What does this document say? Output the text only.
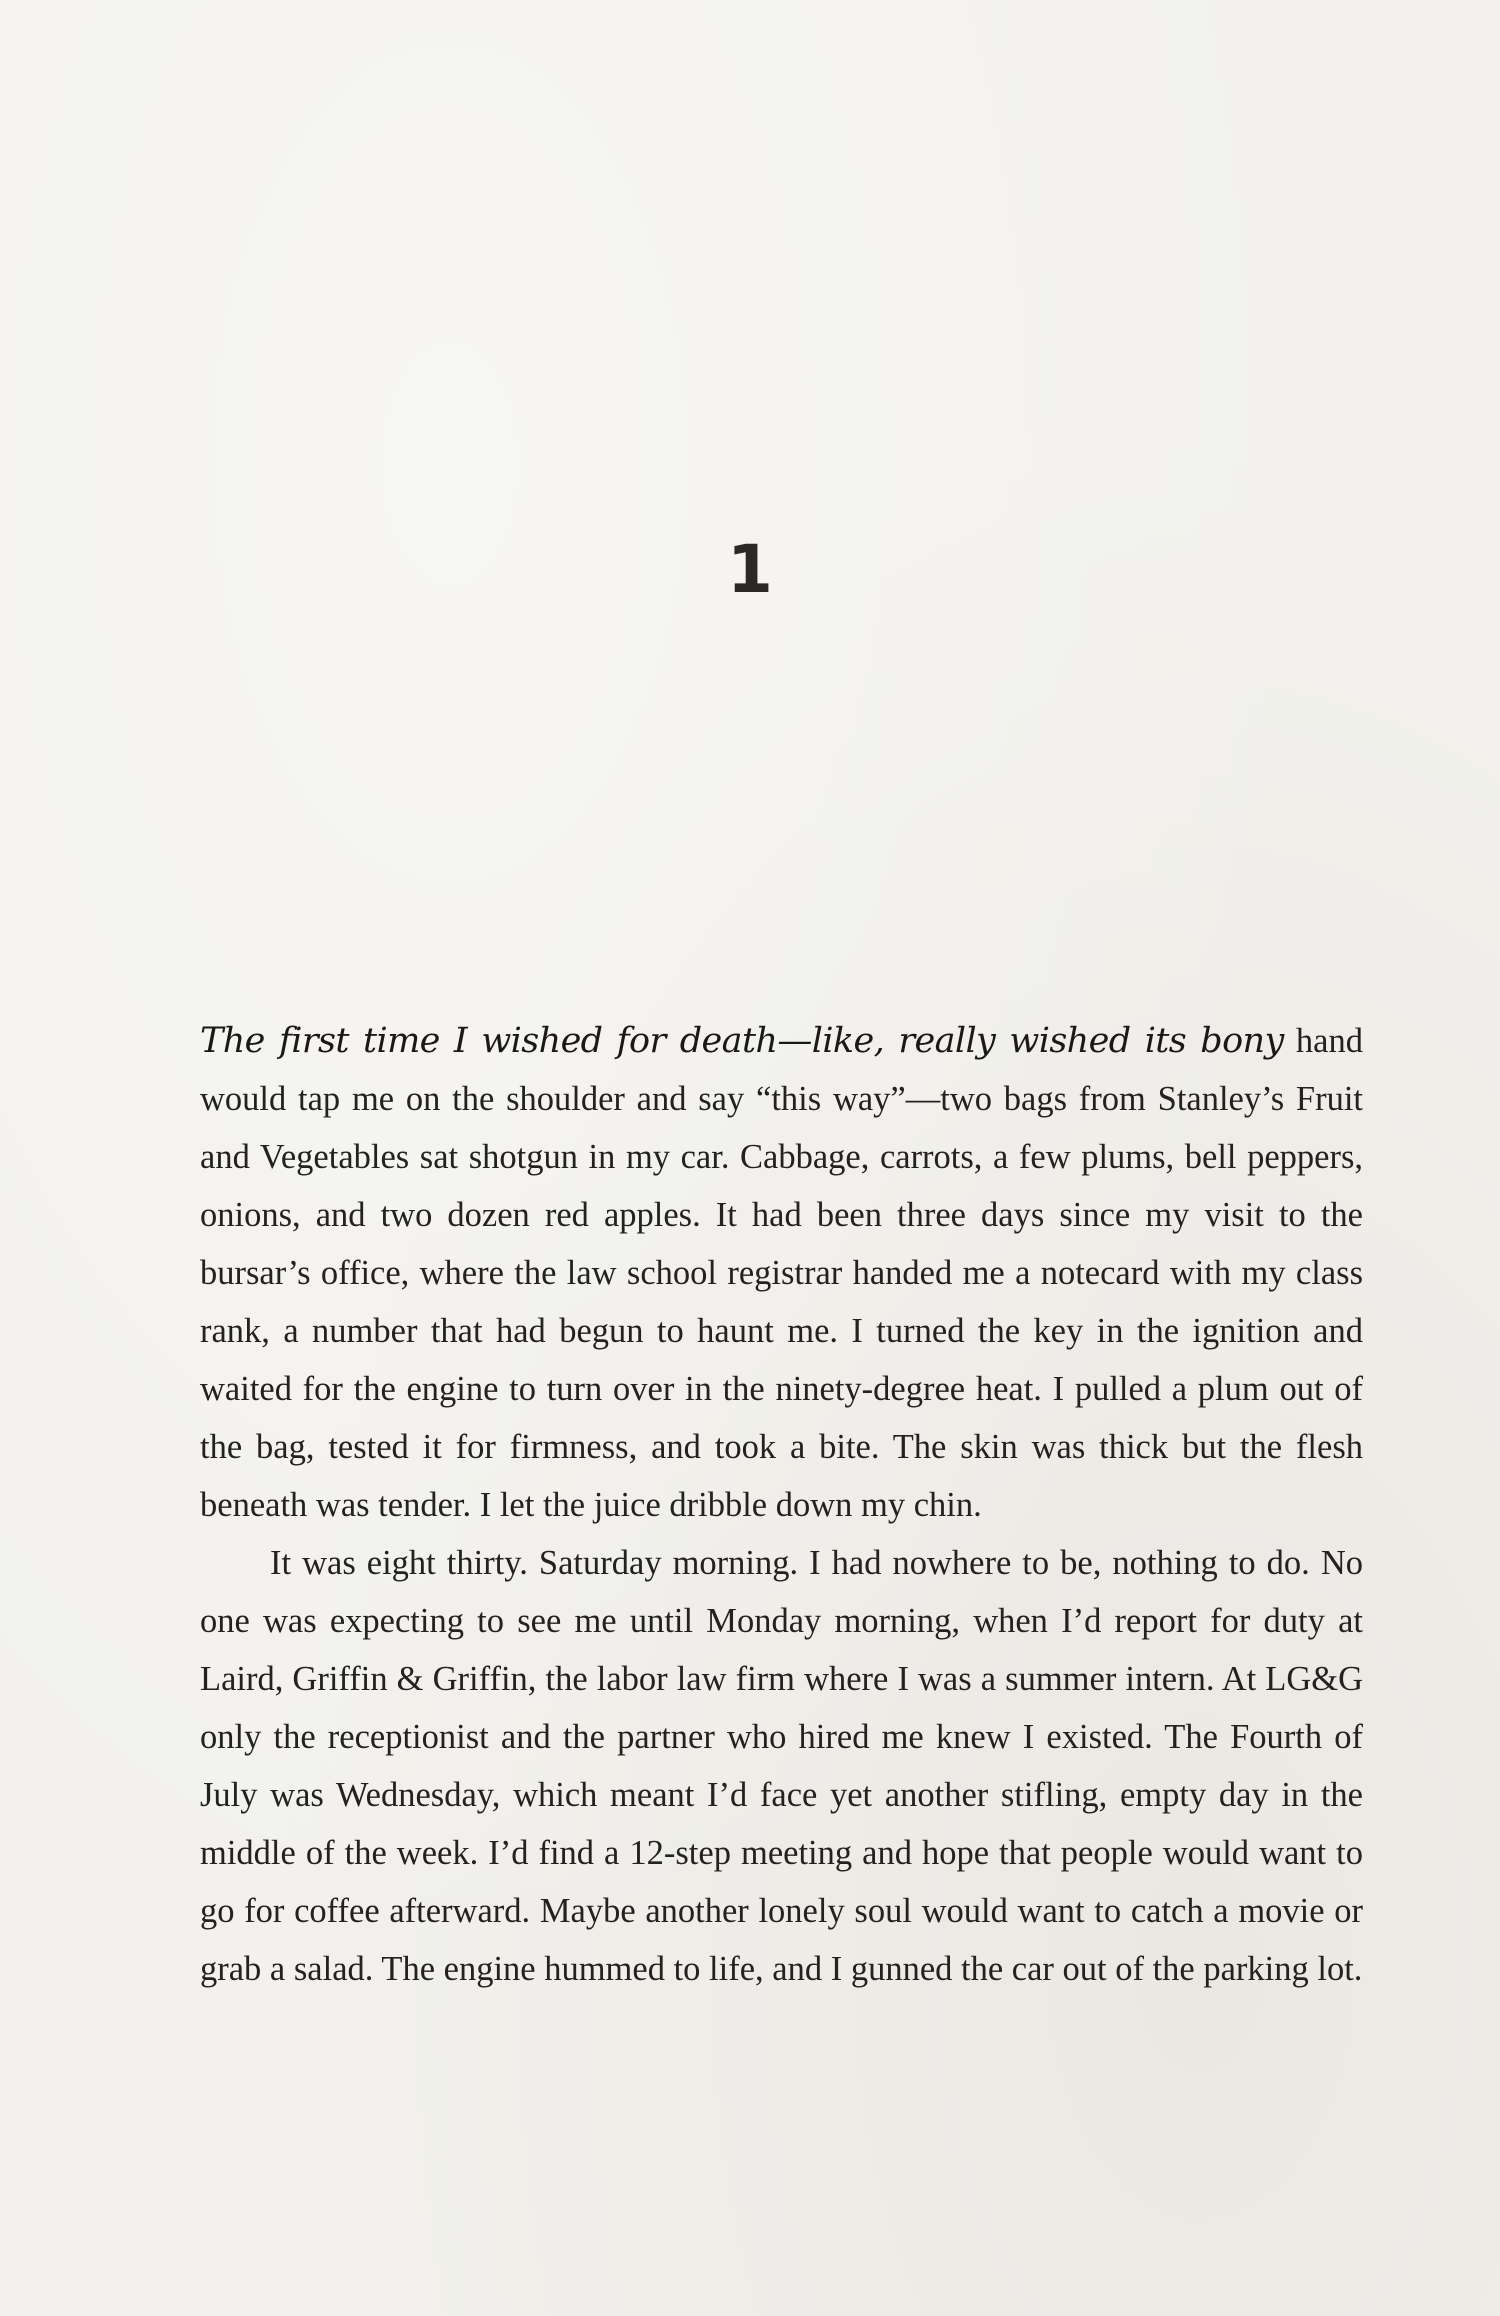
1

The first time I wished for death—like, really wished its bony hand would tap me on the shoulder and say “this way”—two bags from Stanley’s Fruit and Vegetables sat shotgun in my car. Cabbage, carrots, a few plums, bell peppers, onions, and two dozen red apples. It had been three days since my visit to the bursar’s office, where the law school registrar handed me a notecard with my class rank, a number that had begun to haunt me. I turned the key in the ignition and waited for the engine to turn over in the ninety-degree heat. I pulled a plum out of the bag, tested it for firmness, and took a bite. The skin was thick but the flesh beneath was tender. I let the juice dribble down my chin.

It was eight thirty. Saturday morning. I had nowhere to be, nothing to do. No one was expecting to see me until Monday morning, when I’d report for duty at Laird, Griffin & Griffin, the labor law firm where I was a summer intern. At LG&G only the receptionist and the partner who hired me knew I existed. The Fourth of July was Wednesday, which meant I’d face yet another stifling, empty day in the middle of the week. I’d find a 12-step meeting and hope that people would want to go for coffee afterward. Maybe another lonely soul would want to catch a movie or grab a salad. The engine hummed to life, and I gunned the car out of the parking lot.
